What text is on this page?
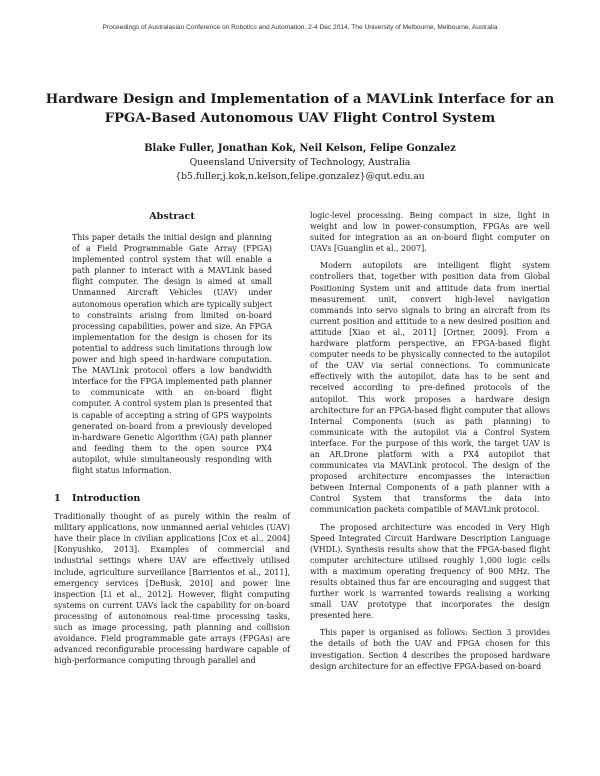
Proceedings of Australasian Conference on Robotics and Automation, 2-4 Dec 2014, The University of Melbourne, Melbourne, Australia
Hardware Design and Implementation of a MAVLink Interface for an FPGA-Based Autonomous UAV Flight Control System
Blake Fuller, Jonathan Kok, Neil Kelson, Felipe Gonzalez
Queensland University of Technology, Australia
{b5.fuller,j.kok,n.kelson,felipe.gonzalez}@qut.edu.au
Abstract
This paper details the initial design and planning of a Field Programmable Gate Array (FPGA) implemented control system that will enable a path planner to interact with a MAVLink based flight computer. The design is aimed at small Unmanned Aircraft Vehicles (UAV) under autonomous operation which are typically subject to constraints arising from limited on-board processing capabilities, power and size. An FPGA implementation for the design is chosen for its potential to address such limitations through low power and high speed in-hardware computation. The MAVLink protocol offers a low bandwidth interface for the FPGA implemented path planner to communicate with an on-board flight computer. A control system plan is presented that is capable of accepting a string of GPS waypoints generated on-board from a previously developed in-hardware Genetic Algorithm (GA) path planner and feeding them to the open source PX4 autopilot, while simultaneously responding with flight status information.
1	Introduction
Traditionally thought of as purely within the realm of military applications, now unmanned aerial vehicles (UAV) have their place in civilian applications [Cox et al., 2004] [Konyushko, 2013]. Examples of commercial and industrial settings where UAV are effectively utilised include, agriculture surveillance [Barrientos et al., 2011], emergency services [DeBusk, 2010] and power line inspection [Li et al., 2012]. However, flight computing systems on current UAVs lack the capability for on-board processing of autonomous real-time processing tasks, such as image processing, path planning and collision avoidance. Field programmable gate arrays (FPGAs) are advanced reconfigurable processing hardware capable of high-performance computing through parallel and
logic-level processing. Being compact in size, light in weight and low in power-consumption, FPGAs are well suited for integration as an on-board flight computer on UAVs [Guanglin et al., 2007].
Modern autopilots are intelligent flight system controllers that, together with position data from Global Positioning System unit and attitude data from inertial measurement unit, convert high-level navigation commands into servo signals to bring an aircraft from its current position and attitude to a new desired position and attitude [Xiao et al., 2011] [Ortner, 2009]. From a hardware platform perspective, an FPGA-based flight computer needs to be physically connected to the autopilot of the UAV via serial connections. To communicate effectively with the autopilot, data has to be sent and received according to pre-defined protocols of the autopilot. This work proposes a hardware design architecture for an FPGA-based flight computer that allows Internal Components (such as path planning) to communicate with the autopilot via a Control System interface. For the purpose of this work, the target UAV is an AR.Drone platform with a PX4 autopilot that communicates via MAVLink protocol. The design of the proposed architecture encompasses the interaction between Internal Components of a path planner with a Control System that transforms the data into communication packets compatible of MAVLink protocol.
The proposed architecture was encoded in Very High Speed Integrated Circuit Hardware Description Language (VHDL). Synthesis results show that the FPGA-based flight computer architecture utilised roughly 1,000 logic cells with a maximum operating frequency of 900 MHz. The results obtained thus far are encouraging and suggest that further work is warranted towards realising a working small UAV prototype that incorporates the design presented here.
This paper is organised as follows: Section 3 provides the details of both the UAV and FPGA chosen for this investigation. Section 4 describes the proposed hardware design architecture for an effective FPGA-based on-board
